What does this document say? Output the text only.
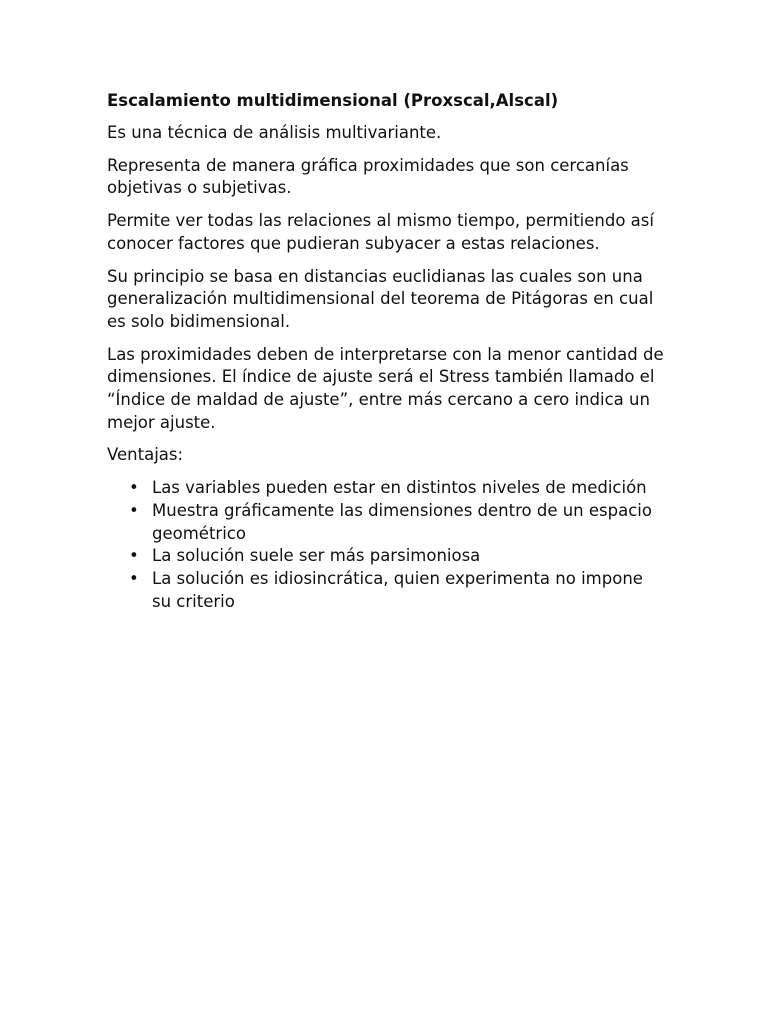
Escalamiento multidimensional (Proxscal,Alscal)

Es una técnica de análisis multivariante.

Representa de manera gráfica proximidades que son cercanías objetivas o subjetivas.

Permite ver todas las relaciones al mismo tiempo, permitiendo así conocer factores que pudieran subyacer a estas relaciones.

Su principio se basa en distancias euclidianas las cuales son una generalización multidimensional del teorema de Pitágoras en cual es solo bidimensional.

Las proximidades deben de interpretarse con la menor cantidad de dimensiones. El índice de ajuste será el Stress también llamado el “Índice de maldad de ajuste”, entre más cercano a cero indica un mejor ajuste.

Ventajas:

• Las variables pueden estar en distintos niveles de medición
• Muestra gráficamente las dimensiones dentro de un espacio geométrico
• La solución suele ser más parsimoniosa
• La solución es idiosincrática, quien experimenta no impone su criterio
